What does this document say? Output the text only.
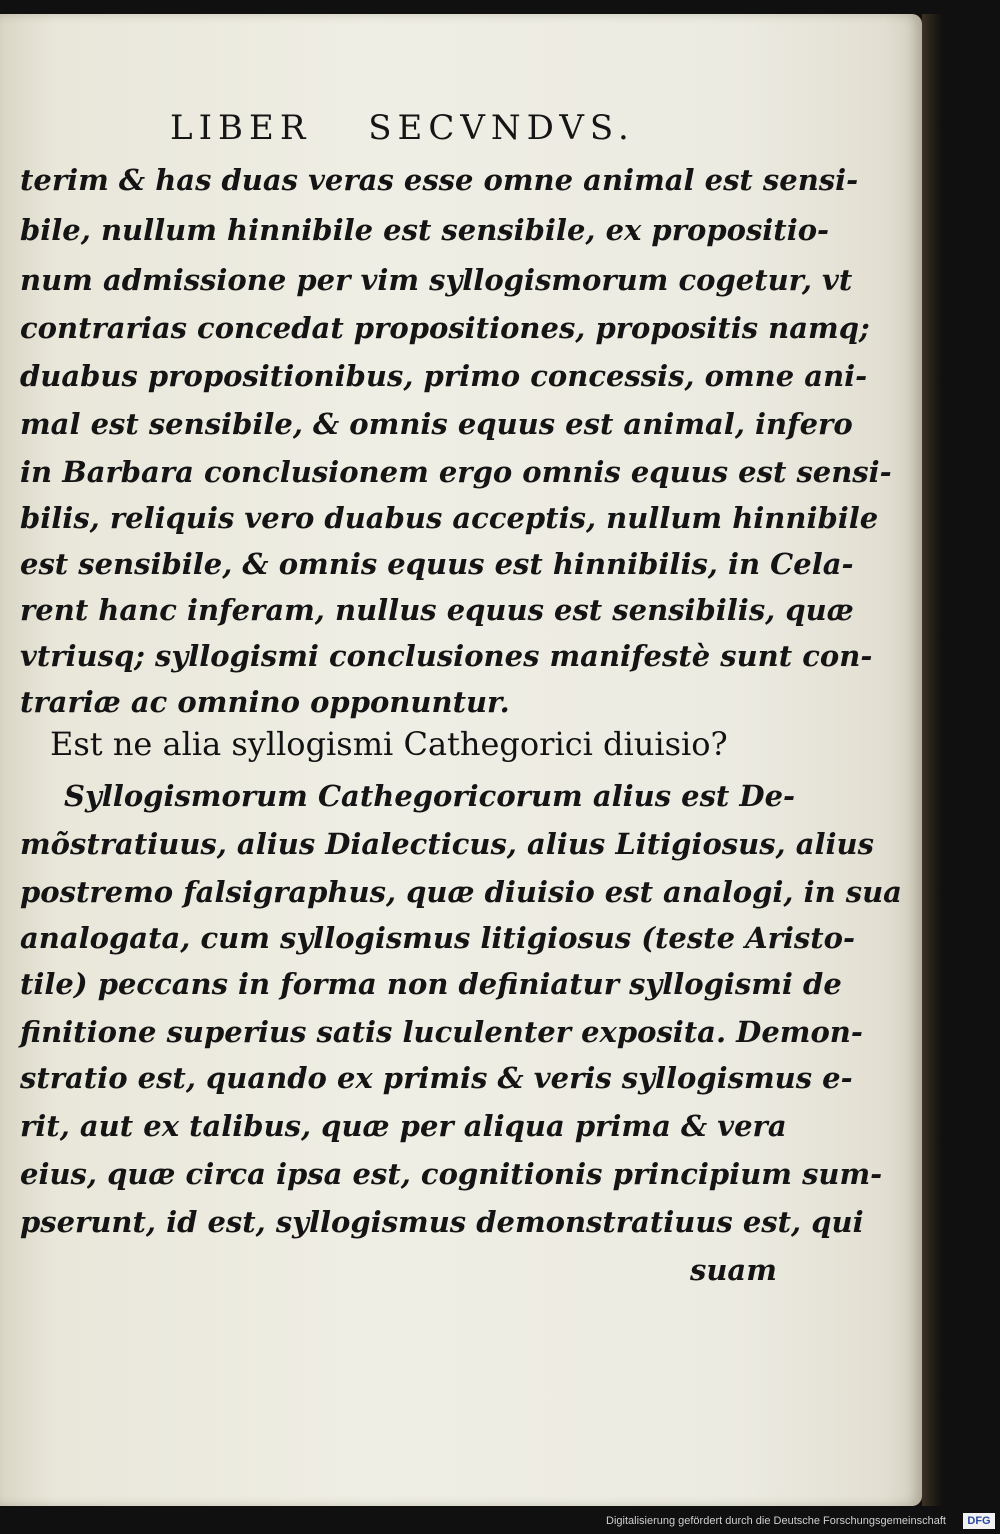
LIBER SECVNDVS.
terim & has duas veras esse omne animal est sensi-
bile, nullum hinnibile est sensibile, ex propositio-
num admissione per vim syllogismorum cogetur, vt
contrarias concedat propositiones, propositis namq;
duabus propositionibus, primo concessis, omne ani-
mal est sensibile, & omnis equus est animal, infero
in Barbara conclusionem ergo omnis equus est sensi-
bilis, reliquis vero duabus acceptis, nullum hinnibile
est sensibile, & omnis equus est hinnibilis, in Cela-
rent hanc inferam, nullus equus est sensibilis, quæ
vtriusq; syllogismi conclusiones manifestè sunt con-
trariæ ac omnino opponuntur.
Est ne alia syllogismi Cathegorici diuisio?
Syllogismorum Cathegoricorum alius est De-
mõstratiuus, alius Dialecticus, alius Litigiosus, alius
postremo falsigraphus, quæ diuisio est analogi, in sua
analogata, cum syllogismus litigiosus (teste Aristo-
tile) peccans in forma non definiatur syllogismi de
finitione superius satis luculenter exposita. Demon-
stratio est, quando ex primis & veris syllogismus e-
rit, aut ex talibus, quæ per aliqua prima & vera
eius, quæ circa ipsa est, cognitionis principium sum-
pserunt, id est, syllogismus demonstratiuus est, qui
suam
Digitalisierung gefördert durch die Deutsche Forschungsgemeinschaft	DFG
